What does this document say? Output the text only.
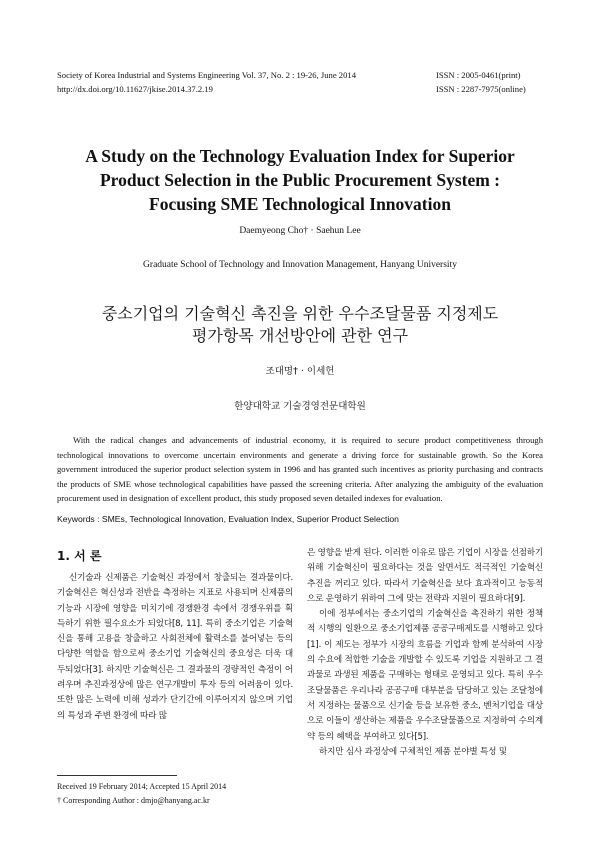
Society of Korea Industrial and Systems Engineering Vol. 37, No. 2 : 19-26, June 2014
http://dx.doi.org/10.11627/jkise.2014.37.2.19
ISSN : 2005-0461(print)
ISSN : 2287-7975(online)
A Study on the Technology Evaluation Index for Superior
Product Selection in the Public Procurement System :
Focusing SME Technological Innovation
Daemyeong Cho† · Saehun Lee
Graduate School of Technology and Innovation Management, Hanyang University
중소기업의 기술혁신 촉진을 위한 우수조달물품 지정제도
평가항목 개선방안에 관한 연구
조대명† · 이세헌
한양대학교 기술경영전문대학원
With the radical changes and advancements of industrial economy, it is required to secure product competitiveness through technological innovations to overcome uncertain environments and generate a driving force for sustainable growth. So the Korea government introduced the superior product selection system in 1996 and has granted such incentives as priority purchasing and contracts the products of SME whose technological capabilities have passed the screening criteria. After analyzing the ambiguity of the evaluation procurement used in designation of excellent product, this study proposed seven detailed indexes for evaluation.
Keywords : SMEs, Technological Innovation, Evaluation Index, Superior Product Selection
1. 서 론

신기술과 신제품은 기술혁신 과정에서 창출되는 결과물이다. 기술혁신은 혁신성과 전반을 측정하는 지표로 사용되며 신제품의 기능과 시장에 영향을 미치기에 경쟁환경 속에서 경쟁우위를 획득하기 위한 필수요소가 되었다[8, 11]. 특히 중소기업은 기술혁신을 통해 고용을 창출하고 사회전체에 활력소를 불어넣는 등의 다양한 역할을 함으로써 중소기업 기술혁신의 중요성은 더욱 대두되었다[3]. 하지만 기술혁신은 그 결과물의 경량적인 측정이 어려우며 추진과정상에 많은 연구개발비 투자 등의 어려움이 있다. 또한 많은 노력에 비해 성과가 단기간에 이루어지지 않으며 기업의 특성과 주변 환경에 따라 많

은 영향을 받게 된다. 이러한 이유로 많은 기업이 시장을 선점하기 위해 기술혁신이 필요하다는 것을 알면서도 적극적인 기술혁신 추진을 꺼리고 있다. 따라서 기술혁신을 보다 효과적이고 능동적으로 운영하기 위하여 그에 맞는 전략과 지원이 필요하다[9].

이에 정부에서는 중소기업의 기술혁신을 촉진하기 위한 정책적 시행의 일환으로 중소기업제품 공공구매제도를 시행하고 있다[1]. 이 제도는 정부가 시장의 흐름을 기업과 함께 분석하여 시장의 수요에 적합한 기술을 개발할 수 있도록 기업을 지원하고 그 결과물로 과생된 제품을 구매하는 형태로 운영되고 있다. 특히 우수조달물품은 우리나라 공공구매 대부분을 담당하고 있는 조달청에서 지정하는 물품으로 신기술 등을 보유한 중소, 벤처기업을 대상으로 이들이 생산하는 제품을 우수조달물품으로 지정하여 수의계약 등의 혜택을 부여하고 있다[5].

하지만 심사 과정상에 구체적인 제품 분야별 특성 및

Received 19 February 2014; Accepted 15 April 2014
† Corresponding Author : dmjo@hanyang.ac.kr
